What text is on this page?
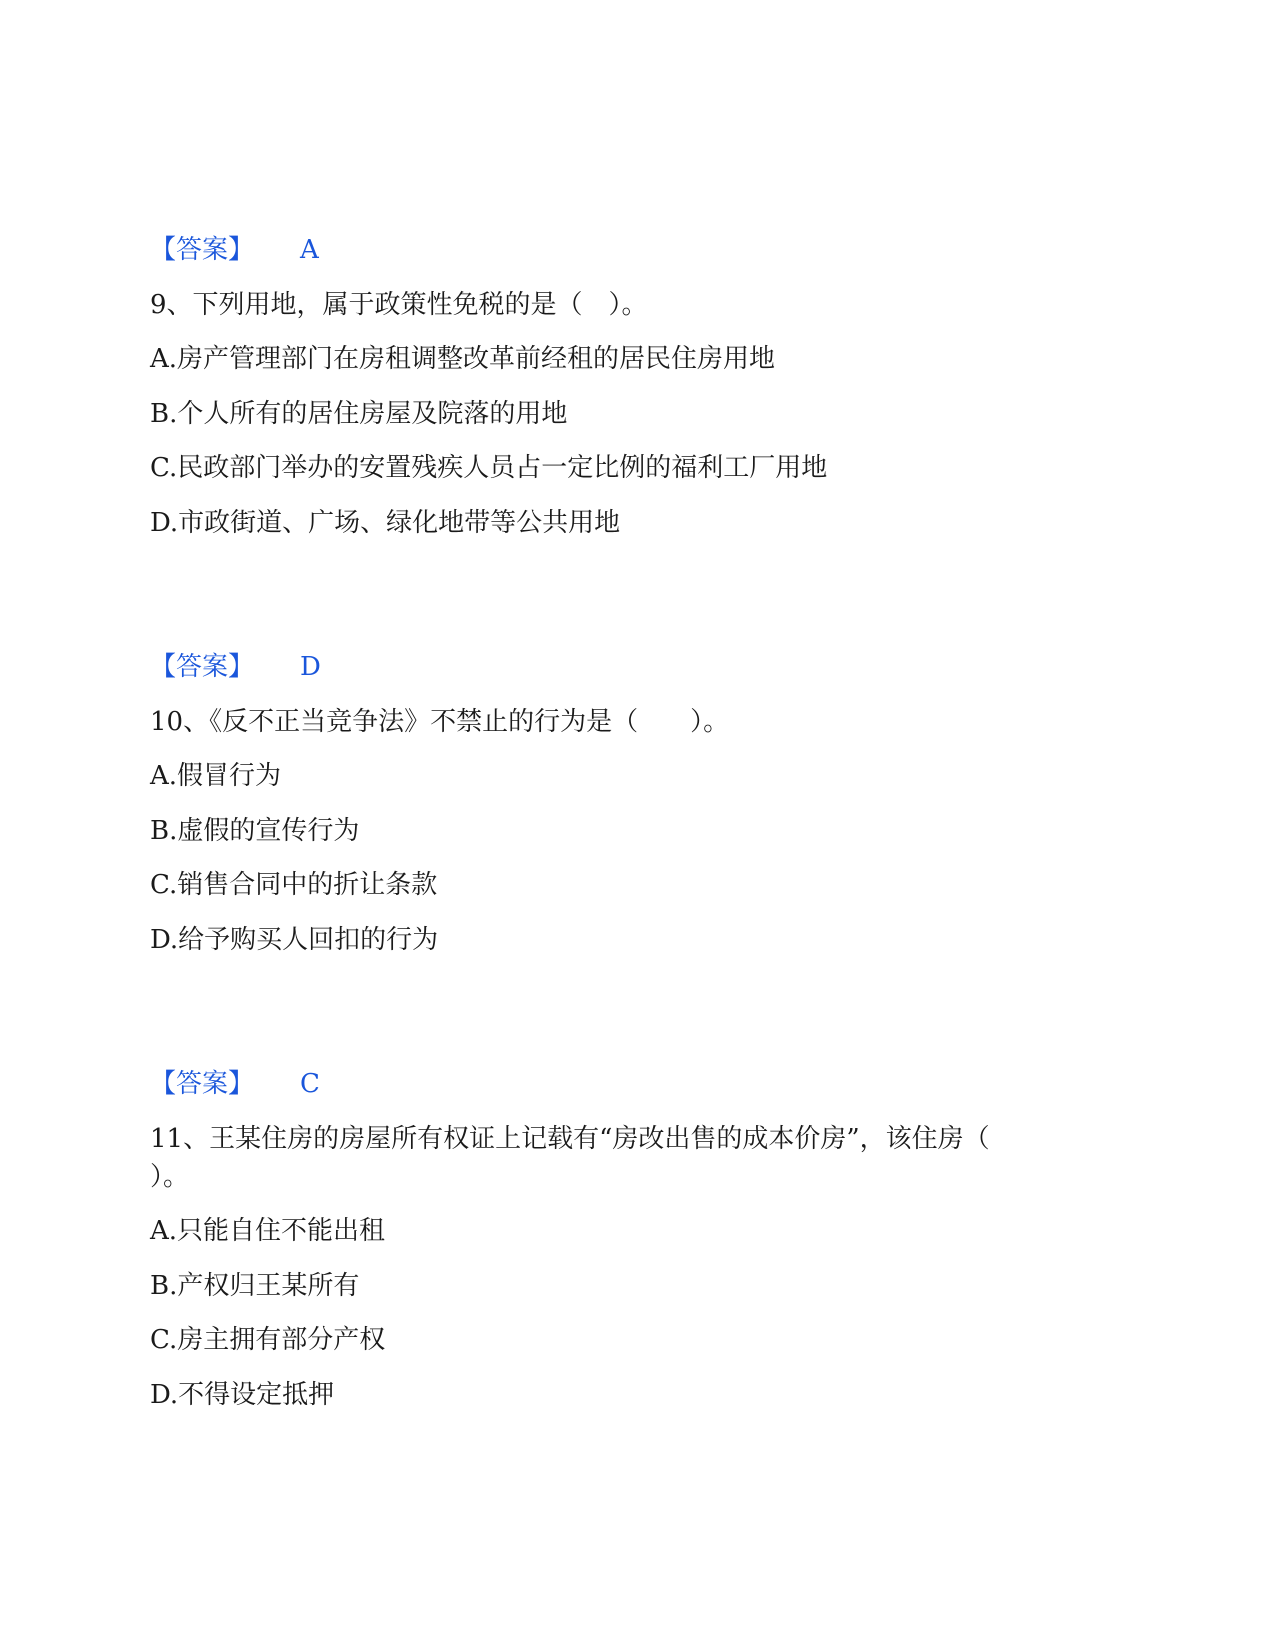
【答案】 A
9、下列用地，属于政策性免税的是（　）。
A.房产管理部门在房租调整改革前经租的居民住房用地
B.个人所有的居住房屋及院落的用地
C.民政部门举办的安置残疾人员占一定比例的福利工厂用地
D.市政街道、广场、绿化地带等公共用地
【答案】 D
10、《反不正当竞争法》不禁止的行为是（　　）。
A.假冒行为
B.虚假的宣传行为
C.销售合同中的折让条款
D.给予购买人回扣的行为
【答案】 C
11、王某住房的房屋所有权证上记载有“房改出售的成本价房”，该住房（
）。
A.只能自住不能出租
B.产权归王某所有
C.房主拥有部分产权
D.不得设定抵押
